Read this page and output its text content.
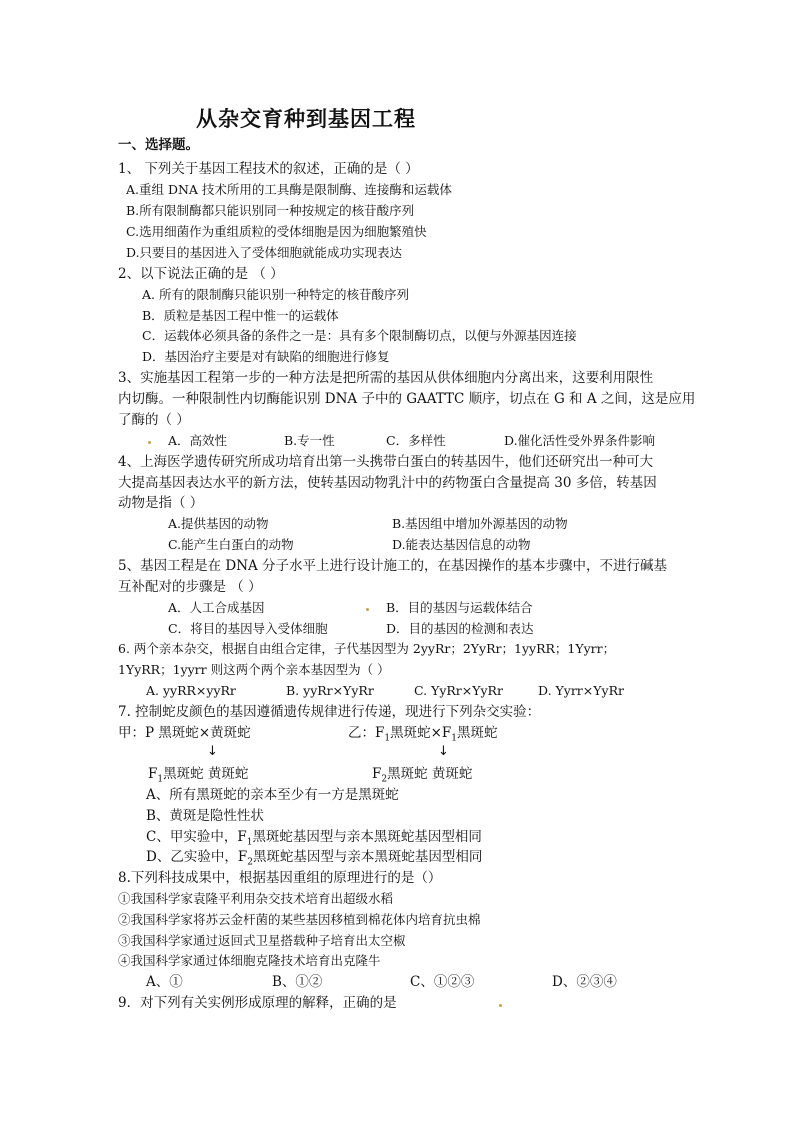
从杂交育种到基因工程
一、选择题。
1、 下列关于基因工程技术的叙述，正确的是（ ）
A.重组 DNA 技术所用的工具酶是限制酶、连接酶和运载体
B.所有限制酶都只能识别同一种按规定的核苷酸序列
C.选用细菌作为重组质粒的受体细胞是因为细胞繁殖快
D.只要目的基因进入了受体细胞就能成功实现表达
2、以下说法正确的是 （ ）
A. 所有的限制酶只能识别一种特定的核苷酸序列
B．质粒是基因工程中惟一的运载体
C．运载体必须具备的条件之一是：具有多个限制酶切点，以便与外源基因连接
D．基因治疗主要是对有缺陷的细胞进行修复
3、实施基因工程第一步的一种方法是把所需的基因从供体细胞内分离出来，这要利用限性
内切酶。一种限制性内切酶能识别 DNA 子中的 GAATTC 顺序，切点在 G 和 A 之间，这是应用
了酶的（ ）
A．高效性	B.专一性	C．多样性	D.催化活性受外界条件影响
4、上海医学遗传研究所成功培育出第一头携带白蛋白的转基因牛，他们还研究出一种可大
大提高基因表达水平的新方法，使转基因动物乳汁中的药物蛋白含量提高 30 多倍，转基因
动物是指（ ）
A.提供基因的动物	B.基因组中增加外源基因的动物
C.能产生白蛋白的动物	D.能表达基因信息的动物
5、基因工程是在 DNA 分子水平上进行设计施工的，在基因操作的基本步骤中，不进行碱基
互补配对的步骤是 （ ）
A．人工合成基因	B．目的基因与运载体结合
C．将目的基因导入受体细胞	D．目的基因的检测和表达
6. 两个亲本杂交，根据自由组合定律，子代基因型为 2yyRr；2YyRr；1yyRR；1Yyrr；
1YyRR；1yyrr 则这两个两个亲本基因型为（ ）
A. yyRR×yyRr	B. yyRr×YyRr	C. YyRr×YyRr	D. Yyrr×YyRr
7. 控制蛇皮颜色的基因遵循遗传规律进行传递，现进行下列杂交实验：
甲：P 黑斑蛇×黄斑蛇	乙：$F_1$黑斑蛇$\times F_1$黑斑蛇
↓	↓
$F_1$黑斑蛇 黄斑蛇	$F_2$黑斑蛇 黄斑蛇
A、所有黑斑蛇的亲本至少有一方是黑斑蛇
B、黄斑是隐性性状
C、甲实验中，$F_1$黑斑蛇基因型与亲本黑斑蛇基因型相同
D、乙实验中，$F_2$黑斑蛇基因型与亲本黑斑蛇基因型相同
8.下列科技成果中，根据基因重组的原理进行的是（）
①我国科学家袁隆平利用杂交技术培育出超级水稻
②我国科学家将苏云金杆菌的某些基因移植到棉花体内培育抗虫棉
③我国科学家通过返回式卫星搭载种子培育出太空椒
④我国科学家通过体细胞克隆技术培育出克隆牛
A、①	B、①②	C、①②③	D、②③④
9．对下列有关实例形成原理的解释，正确的是
